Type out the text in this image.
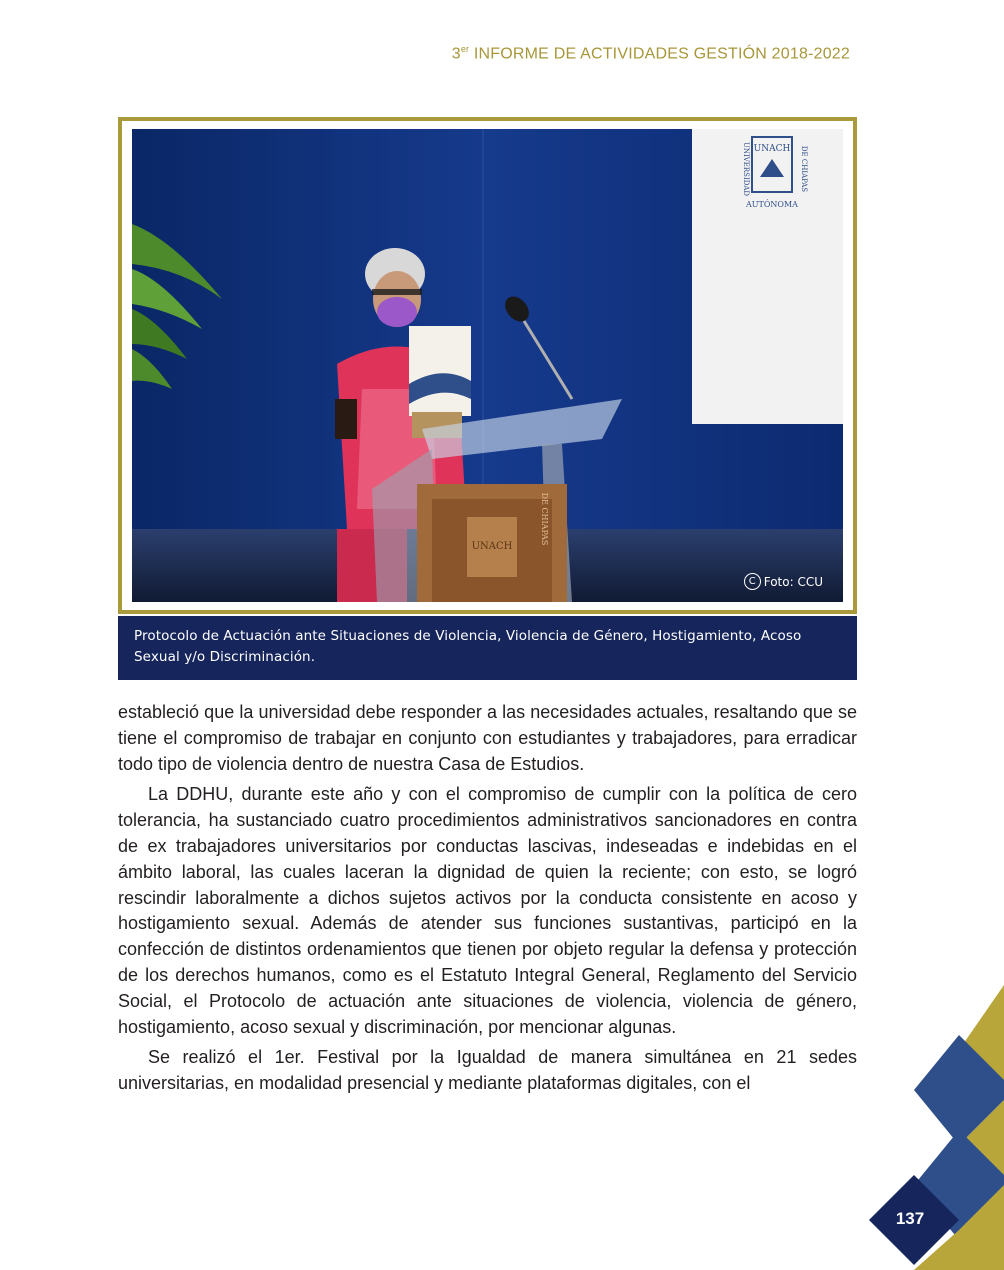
3er INFORME DE ACTIVIDADES GESTIÓN 2018-2022
UNACH
UNIVERSIDAD	DE CHIAPAS
AUTÓNOMA
UNACH
DE CHIAPAS
C Foto: CCU
Protocolo de Actuación ante Situaciones de Violencia, Violencia de Género, Hostigamiento, Acoso Sexual y/o Discriminación.

estableció que la universidad debe responder a las necesidades actuales, resaltando que se tiene el compromiso de trabajar en conjunto con estudiantes y trabajadores, para erradicar todo tipo de violencia dentro de nuestra Casa de Estudios.

La DDHU, durante este año y con el compromiso de cumplir con la política de cero tolerancia, ha sustanciado cuatro procedimientos administrativos sancionadores en contra de ex trabajadores universitarios por conductas lascivas, indeseadas e indebidas en el ámbito laboral, las cuales laceran la dignidad de quien la reciente; con esto, se logró rescindir laboralmente a dichos sujetos activos por la conducta consistente en acoso y hostigamiento sexual. Además de atender sus funciones sustantivas, participó en la confección de distintos ordenamientos que tienen por objeto regular la defensa y protección de los derechos humanos, como es el Estatuto Integral General, Reglamento del Servicio Social, el Protocolo de actuación ante situaciones de violencia, violencia de género, hostigamiento, acoso sexual y discriminación, por mencionar algunas.

Se realizó el 1er. Festival por la Igualdad de manera simultánea en 21 sedes universitarias, en modalidad presencial y mediante plataformas digitales, con el

137
